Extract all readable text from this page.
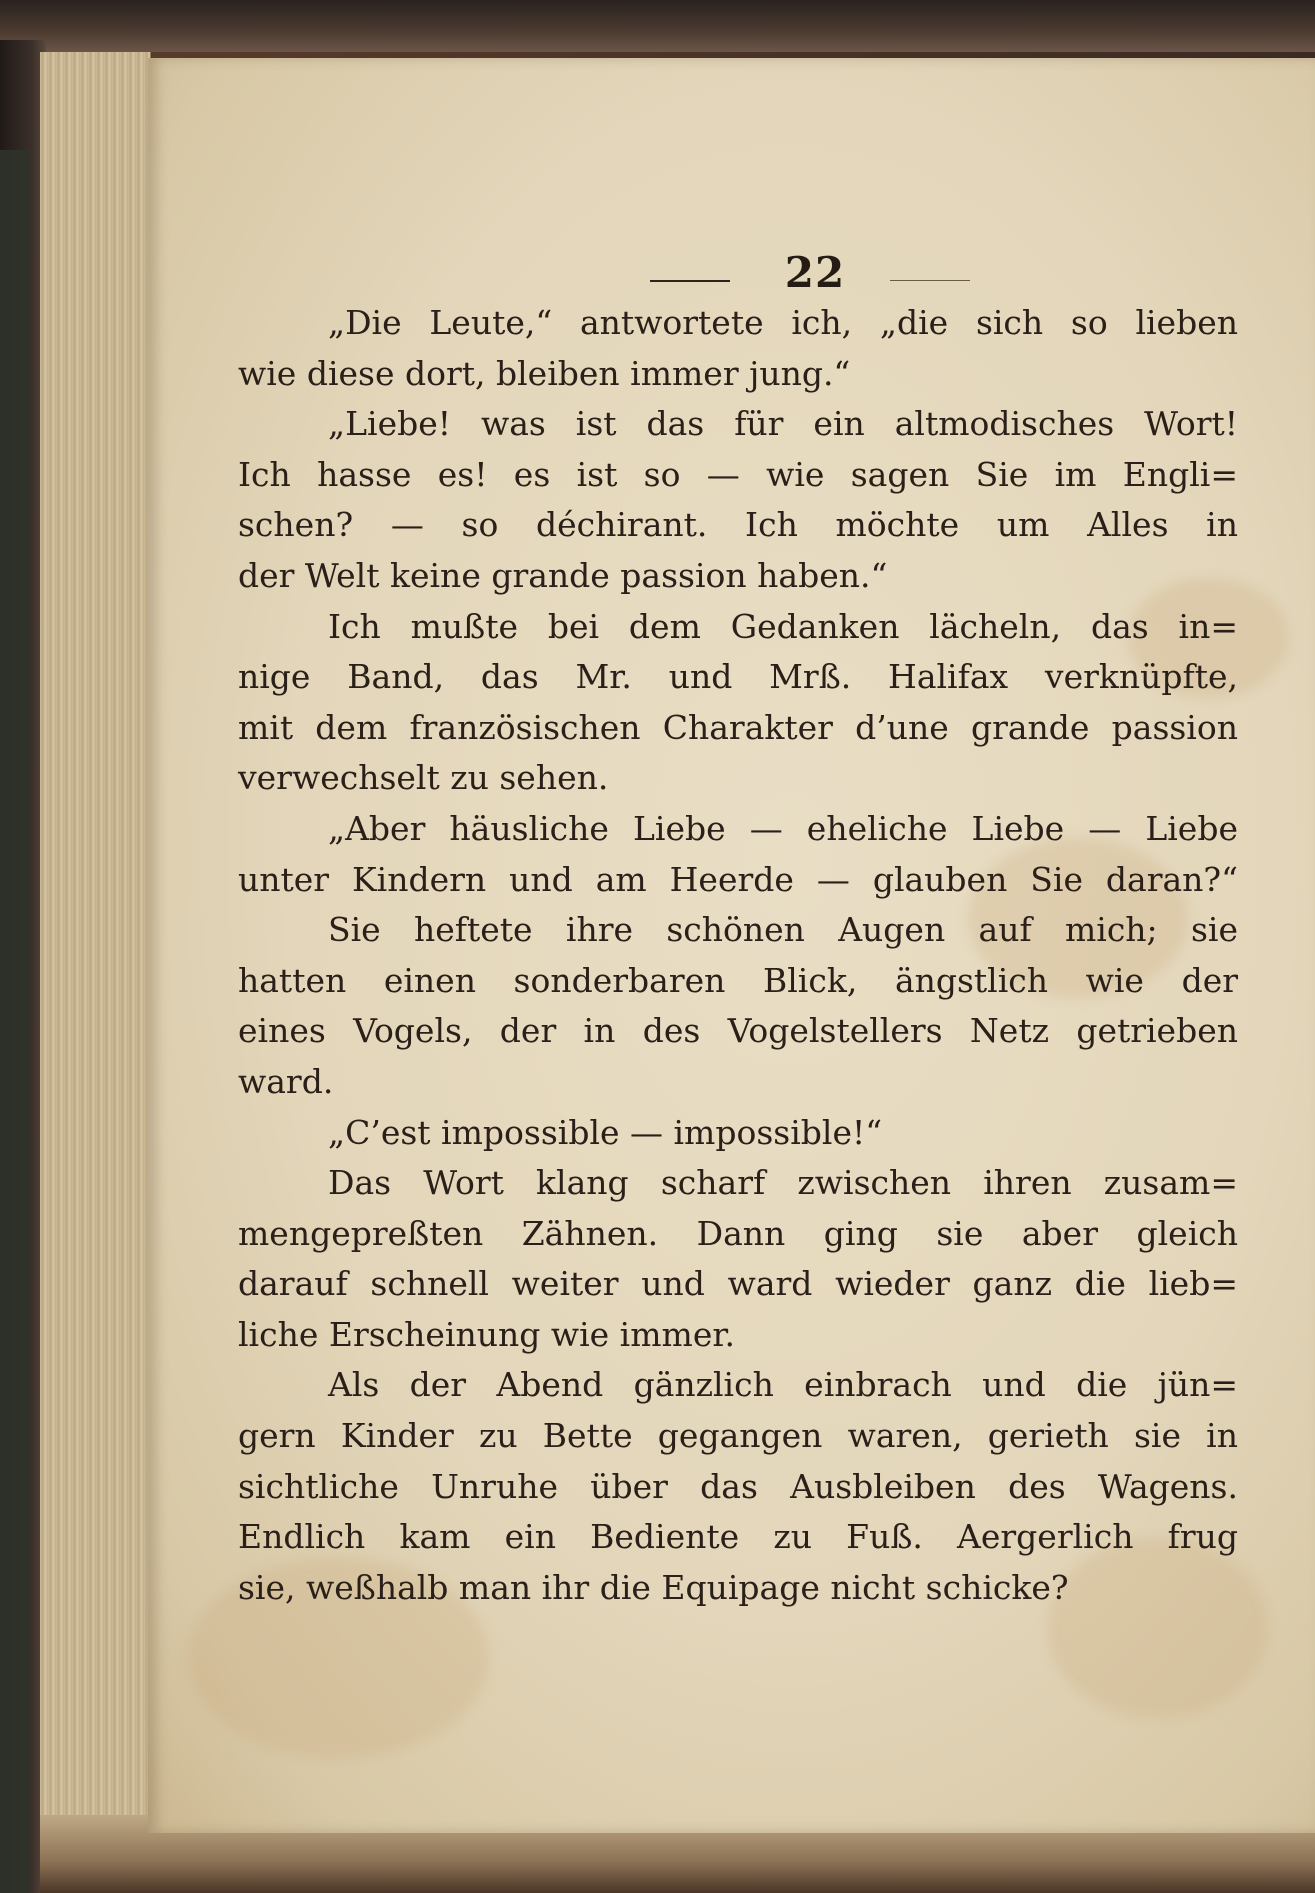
22
„Die Leute,“ antwortete ich, „die sich so lieben
wie diese dort, bleiben immer jung.“
„Liebe! was ist das für ein altmodisches Wort!
Ich hasse es! es ist so — wie sagen Sie im Engli=
schen? — so déchirant. Ich möchte um Alles in
der Welt keine grande passion haben.“
Ich mußte bei dem Gedanken lächeln, das in=
nige Band, das Mr. und Mrß. Halifax verknüpfte,
mit dem französischen Charakter d’une grande passion
verwechselt zu sehen.
„Aber häusliche Liebe — eheliche Liebe — Liebe
unter Kindern und am Heerde — glauben Sie daran?“
Sie heftete ihre schönen Augen auf mich; sie
hatten einen sonderbaren Blick, ängstlich wie der
eines Vogels, der in des Vogelstellers Netz getrieben
ward.
„C’est impossible — impossible!“
Das Wort klang scharf zwischen ihren zusam=
mengepreßten Zähnen. Dann ging sie aber gleich
darauf schnell weiter und ward wieder ganz die lieb=
liche Erscheinung wie immer.
Als der Abend gänzlich einbrach und die jün=
gern Kinder zu Bette gegangen waren, gerieth sie in
sichtliche Unruhe über das Ausbleiben des Wagens.
Endlich kam ein Bediente zu Fuß. Aergerlich frug
sie, weßhalb man ihr die Equipage nicht schicke?
